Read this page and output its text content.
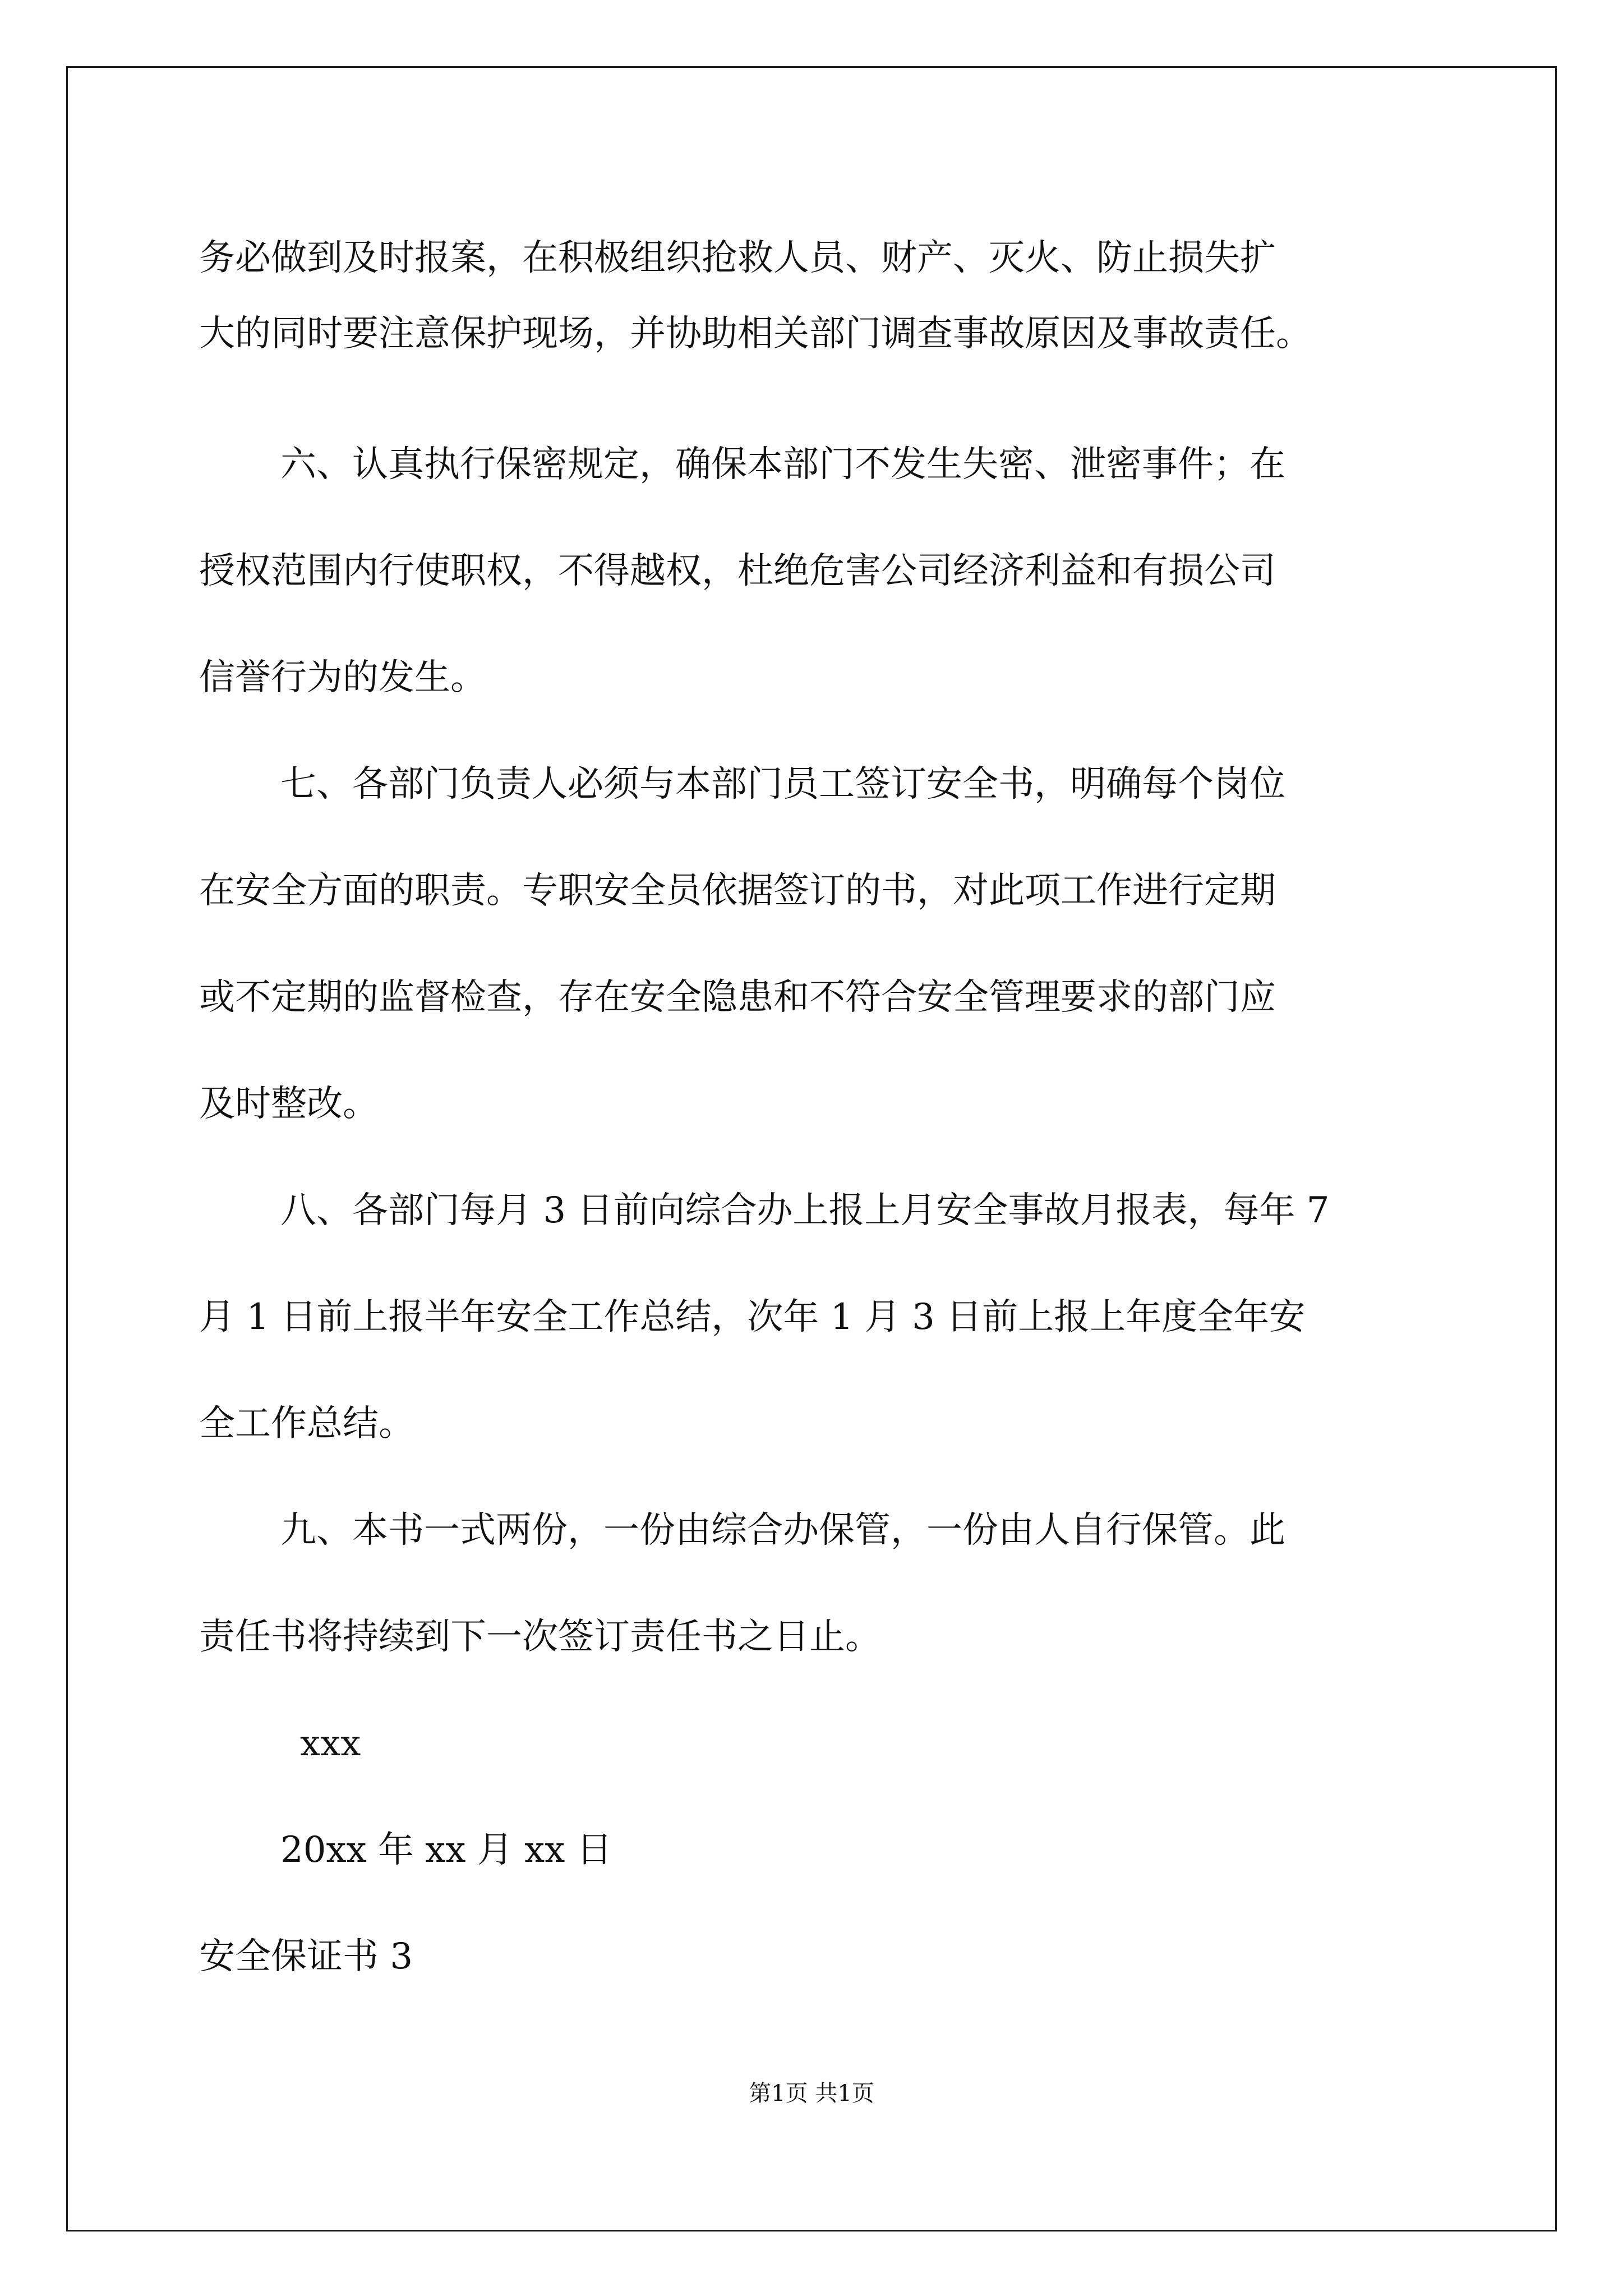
务必做到及时报案，在积极组织抢救人员、财产、灭火、防止损失扩
大的同时要注意保护现场，并协助相关部门调查事故原因及事故责任。
六、认真执行保密规定，确保本部门不发生失密、泄密事件；在
授权范围内行使职权，不得越权，杜绝危害公司经济利益和有损公司
信誉行为的发生。
七、各部门负责人必须与本部门员工签订安全书，明确每个岗位
在安全方面的职责。专职安全员依据签订的书，对此项工作进行定期
或不定期的监督检查，存在安全隐患和不符合安全管理要求的部门应
及时整改。
八、各部门每月 3 日前向综合办上报上月安全事故月报表，每年 7
月 1 日前上报半年安全工作总结，次年 1 月 3 日前上报上年度全年安
全工作总结。
九、本书一式两份，一份由综合办保管，一份由人自行保管。此
责任书将持续到下一次签订责任书之日止。
xxx
20xx 年 xx 月 xx 日
安全保证书 3
第1页 共1页
